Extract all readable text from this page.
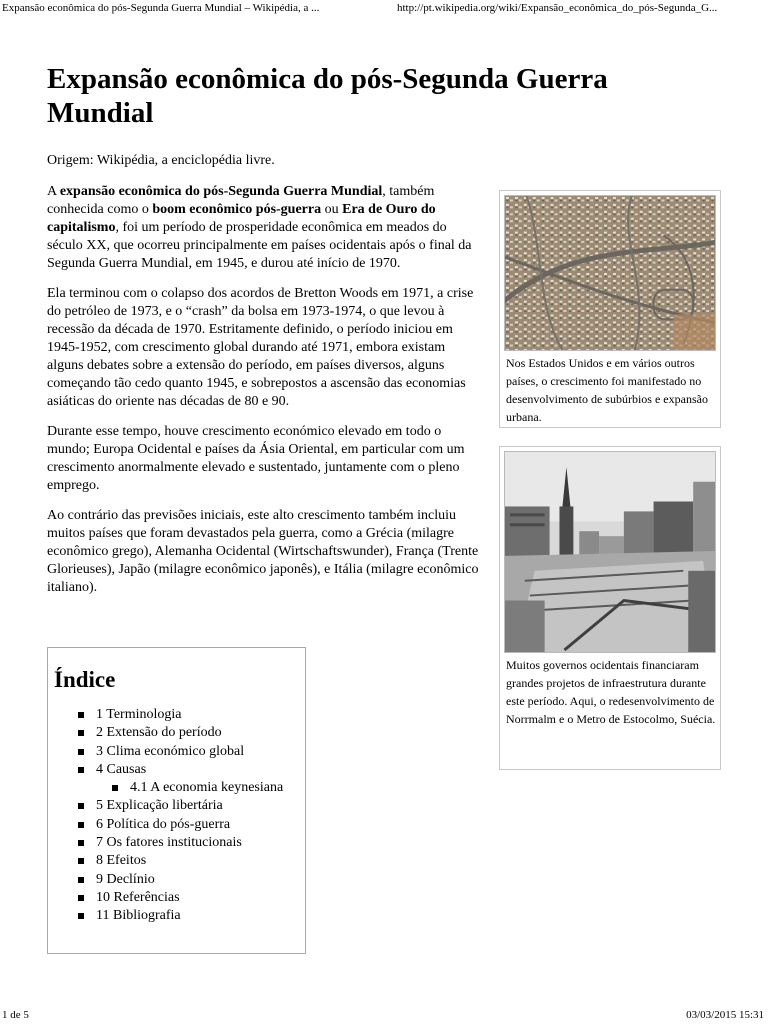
Expansão econômica do pós-Segunda Guerra Mundial – Wikipédia, a ...	http://pt.wikipedia.org/wiki/Expansão_econômica_do_pós-Segunda_G...
Expansão econômica do pós-Segunda Guerra Mundial

Origem: Wikipédia, a enciclopédia livre.

A expansão econômica do pós-Segunda Guerra Mundial, também conhecida como o boom econômico pós-guerra ou Era de Ouro do capitalismo, foi um período de prosperidade econômica em meados do século XX, que ocorreu principalmente em países ocidentais após o final da Segunda Guerra Mundial, em 1945, e durou até início de 1970.

Ela terminou com o colapso dos acordos de Bretton Woods em 1971, a crise do petróleo de 1973, e o “crash” da bolsa em 1973-1974, o que levou à recessão da década de 1970. Estritamente definido, o período iniciou em 1945-1952, com crescimento global durando até 1971, embora existam alguns debates sobre a extensão do período, em países diversos, alguns começando tão cedo quanto 1945, e sobrepostos a ascensão das economias asiáticas do oriente nas décadas de 80 e 90.

Durante esse tempo, houve crescimento económico elevado em todo o mundo; Europa Ocidental e países da Ásia Oriental, em particular com um crescimento anormalmente elevado e sustentado, juntamente com o pleno emprego.

Ao contrário das previsões iniciais, este alto crescimento também incluiu muitos países que foram devastados pela guerra, como a Grécia (milagre econômico grego), Alemanha Ocidental (Wirtschaftswunder), França (Trente Glorieuses), Japão (milagre econômico japonês), e Itália (milagre econômico italiano).

Nos Estados Unidos e em vários outros países, o crescimento foi manifestado no desenvolvimento de subúrbios e expansão urbana.
Muitos governos ocidentais financiaram grandes projetos de infraestrutura durante este período. Aqui, o redesenvolvimento de Norrmalm e o Metro de Estocolmo, Suécia.
Índice
1 Terminologia
2 Extensão do período
3 Clima económico global
4 Causas
4.1 A economia keynesiana
5 Explicação libertária
6 Política do pós-guerra
7 Os fatores institucionais
8 Efeitos
9 Declínio
10 Referências
11 Bibliografia
1 de 5	03/03/2015 15:31
